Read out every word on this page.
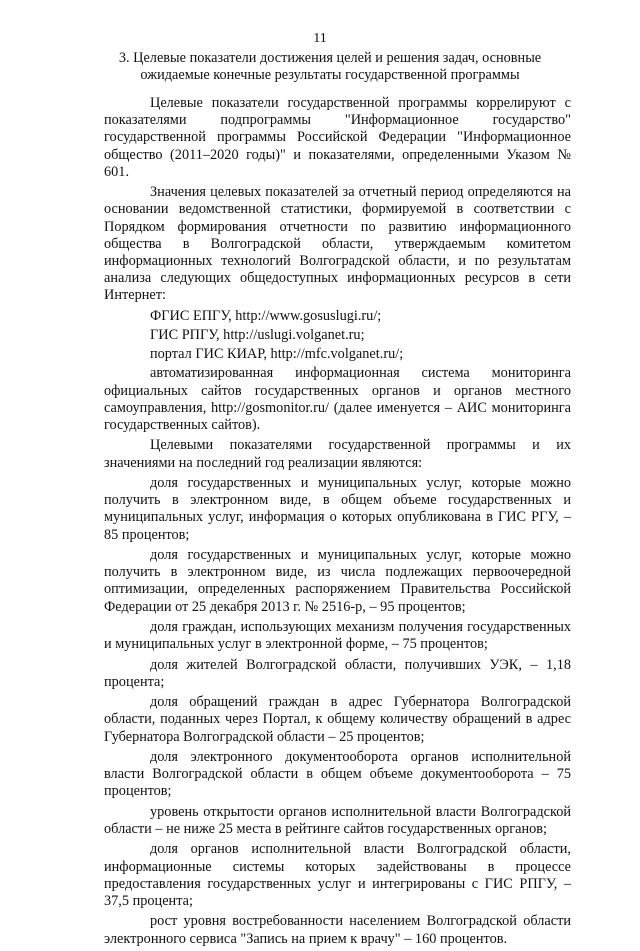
11
3. Целевые показатели достижения целей и решения задач, основные
ожидаемые конечные результаты государственной программы

Целевые показатели государственной программы коррелируют с показателями подпрограммы "Информационное государство" государственной программы Российской Федерации "Информационное общество (2011–2020 годы)" и показателями, определенными Указом № 601.

Значения целевых показателей за отчетный период определяются на основании ведомственной статистики, формируемой в соответствии с Порядком формирования отчетности по развитию информационного общества в Волгоградской области, утверждаемым комитетом информационных технологий Волгоградской области, и по результатам анализа следующих общедоступных информационных ресурсов в сети Интернет:

ФГИС ЕПГУ, http://www.gosuslugi.ru/;

ГИС РПГУ, http://uslugi.volganet.ru;

портал ГИС КИАР, http://mfc.volganet.ru/;

автоматизированная информационная система мониторинга официальных сайтов государственных органов и органов местного самоуправления, http://gosmonitor.ru/ (далее именуется – АИС мониторинга государственных сайтов).

Целевыми показателями государственной программы и их значениями на последний год реализации являются:

доля государственных и муниципальных услуг, которые можно получить в электронном виде, в общем объеме государственных и муниципальных услуг, информация о которых опубликована в ГИС РГУ, – 85 процентов;

доля государственных и муниципальных услуг, которые можно получить в электронном виде, из числа подлежащих первоочередной оптимизации, определенных распоряжением Правительства Российской Федерации от 25 декабря 2013 г. № 2516-р, – 95 процентов;

доля граждан, использующих механизм получения государственных и муниципальных услуг в электронной форме, – 75 процентов;

доля жителей Волгоградской области, получивших УЭК, – 1,18 процента;

доля обращений граждан в адрес Губернатора Волгоградской области, поданных через Портал, к общему количеству обращений в адрес Губернатора Волгоградской области – 25 процентов;

доля электронного документооборота органов исполнительной власти Волгоградской области в общем объеме документооборота – 75 процентов;

уровень открытости органов исполнительной власти Волгоградской области – не ниже 25 места в рейтинге сайтов государственных органов;

доля органов исполнительной власти Волгоградской области, информационные системы которых задействованы в процессе предоставления государственных услуг и интегрированы с ГИС РПГУ, – 37,5 процента;

рост уровня востребованности населением Волгоградской области электронного сервиса "Запись на прием к врачу" – 160 процентов.
